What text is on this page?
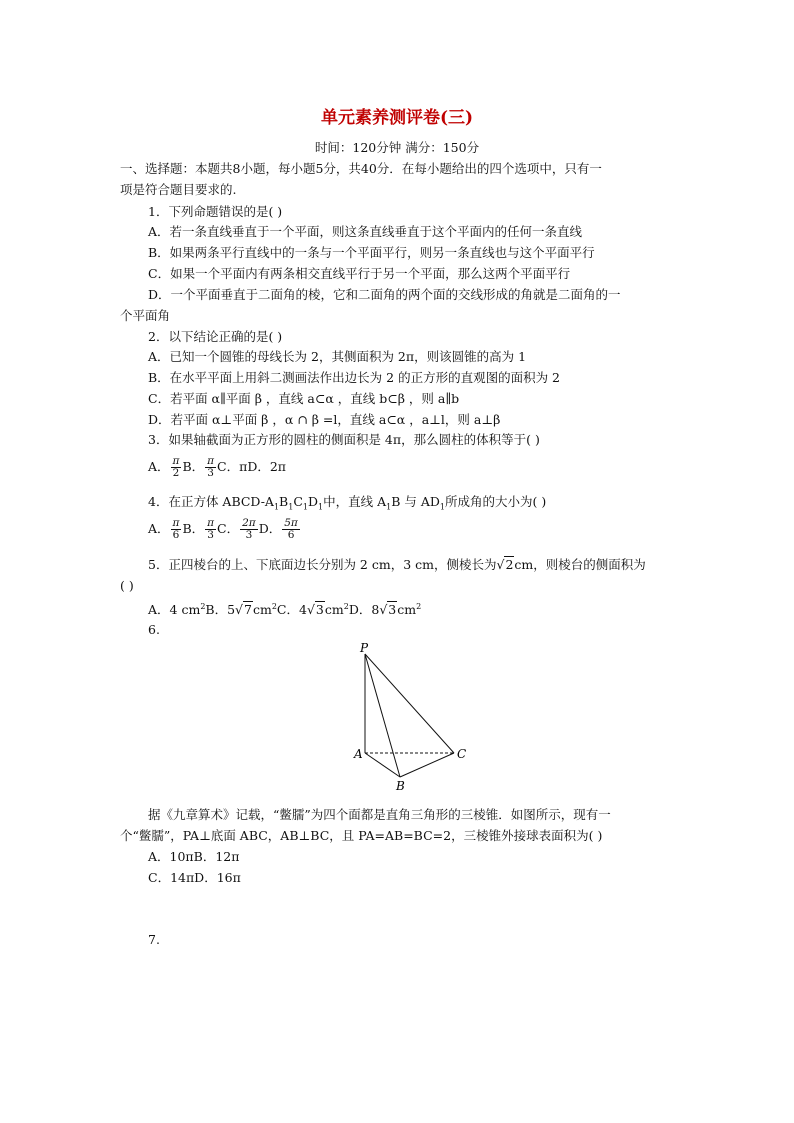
单元素养测评卷(三)
时间：120分钟 满分：150分
一、选择题：本题共8小题，每小题5分，共40分．在每小题给出的四个选项中，只有一
项是符合题目要求的.
1．下列命题错误的是( )
A．若一条直线垂直于一个平面，则这条直线垂直于这个平面内的任何一条直线
B．如果两条平行直线中的一条与一个平面平行，则另一条直线也与这个平面平行
C．如果一个平面内有两条相交直线平行于另一个平面，那么这两个平面平行
D．一个平面垂直于二面角的棱，它和二面角的两个面的交线形成的角就是二面角的一
个平面角
2．以下结论正确的是( )
A．已知一个圆锥的母线长为 2，其侧面积为 2π，则该圆锥的高为 1
B．在水平平面上用斜二测画法作出边长为 2 的正方形的直观图的面积为 2
C．若平面 α∥平面 β ，直线 a⊂α ，直线 b⊂β ，则 a∥b
D．若平面 α⊥平面 β ，α ∩ β =l，直线 a⊂α ，a⊥l，则 a⊥β
3．如果轴截面为正方形的圆柱的侧面积是 4π，那么圆柱的体积等于( )
A． $\frac{\pi}{2}$ B． $\frac{\pi}{3}$ C．πD．2π
4．在正方体 ABCD-$A_1B_1C_1D_1$中，直线 $A_1B$ 与 $AD_1$所成角的大小为( )
A． $\frac{\pi}{6}$ B． $\frac{\pi}{3}$ C． $\frac{2\pi}{3}$ D． $\frac{5\pi}{6}$
5．正四棱台的上、下底面边长分别为 2 cm，3 cm，侧棱长为√2cm，则棱台的侧面积为
( )
A．4 $cm^2B$．$5√7cm^2C$．$4√3cm^2D$．$8√3cm^2$
6.
P
A
B
C
据《九章算术》记载，“鳖臑”为四个面都是直角三角形的三棱锥．如图所示，现有一
个“鳖臑”，PA⊥底面 ABC，AB⊥BC，且 PA=AB=BC=2，三棱锥外接球表面积为( )
A．10πB．12π
C．14πD．16π
7.
